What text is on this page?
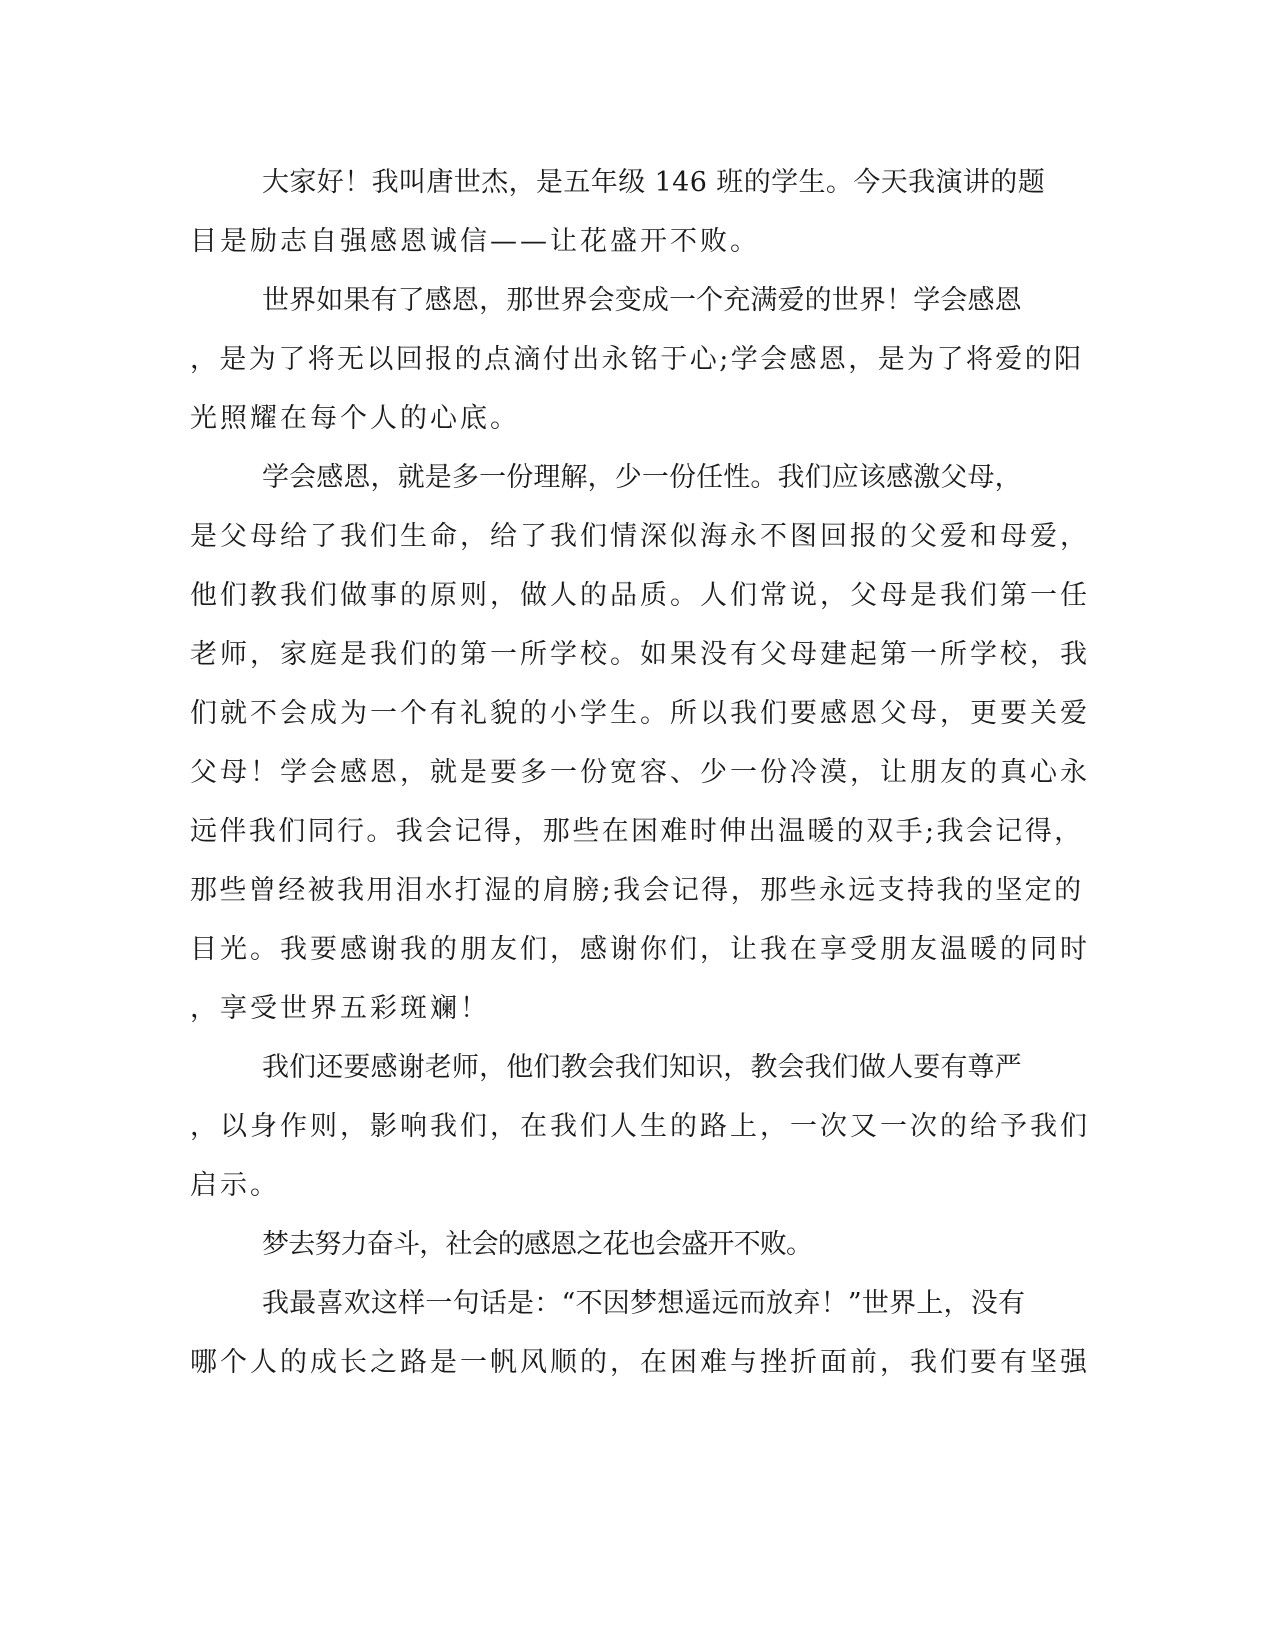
大家好！我叫唐世杰，是五年级 146 班的学生。今天我演讲的题

目是励志自强感恩诚信——让花盛开不败。

世界如果有了感恩，那世界会变成一个充满爱的世界！学会感恩

，是为了将无以回报的点滴付出永铭于心;学会感恩，是为了将爱的阳

光照耀在每个人的心底。

学会感恩，就是多一份理解，少一份任性。我们应该感激父母，

是父母给了我们生命，给了我们情深似海永不图回报的父爱和母爱，

他们教我们做事的原则，做人的品质。人们常说，父母是我们第一任

老师，家庭是我们的第一所学校。如果没有父母建起第一所学校，我

们就不会成为一个有礼貌的小学生。所以我们要感恩父母，更要关爱

父母！学会感恩，就是要多一份宽容、少一份冷漠，让朋友的真心永

远伴我们同行。我会记得，那些在困难时伸出温暖的双手;我会记得，

那些曾经被我用泪水打湿的肩膀;我会记得，那些永远支持我的坚定的

目光。我要感谢我的朋友们，感谢你们，让我在享受朋友温暖的同时

，享受世界五彩斑斓！

我们还要感谢老师，他们教会我们知识，教会我们做人要有尊严

，以身作则，影响我们，在我们人生的路上，一次又一次的给予我们

启示。

梦去努力奋斗，社会的感恩之花也会盛开不败。

我最喜欢这样一句话是：“不因梦想遥远而放弃！”世界上，没有

哪个人的成长之路是一帆风顺的，在困难与挫折面前，我们要有坚强
